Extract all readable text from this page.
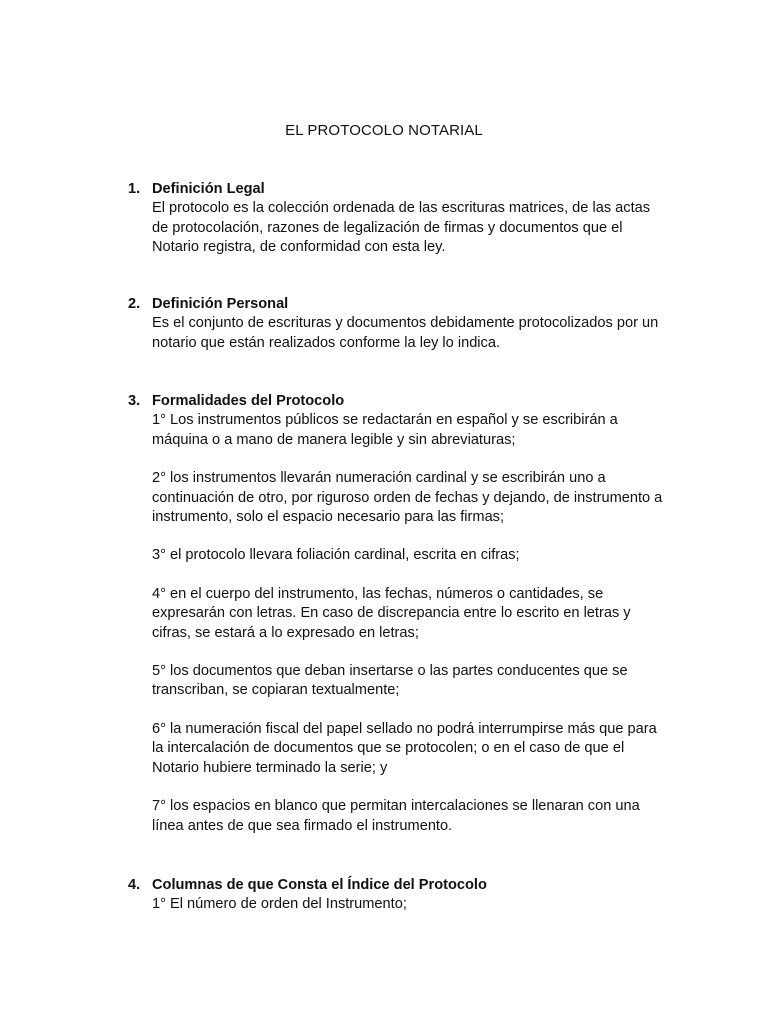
EL PROTOCOLO NOTARIAL
1. Definición Legal

El protocolo es la colección ordenada de las escrituras matrices, de las actas de protocolación, razones de legalización de firmas y documentos que el Notario registra, de conformidad con esta ley.

2. Definición Personal

Es el conjunto de escrituras y documentos debidamente protocolizados por un notario que están realizados conforme la ley lo indica.

3. Formalidades del Protocolo

1° Los instrumentos públicos se redactarán en español y se escribirán a máquina o a mano de manera legible y sin abreviaturas;

2° los instrumentos llevarán numeración cardinal y se escribirán uno a continuación de otro, por riguroso orden de fechas y dejando, de instrumento a instrumento, solo el espacio necesario para las firmas;

3° el protocolo llevara foliación cardinal, escrita en cifras;

4° en el cuerpo del instrumento, las fechas, números o cantidades, se expresarán con letras. En caso de discrepancia entre lo escrito en letras y cifras, se estará a lo expresado en letras;

5° los documentos que deban insertarse o las partes conducentes que se transcriban, se copiaran textualmente;

6° la numeración fiscal del papel sellado no podrá interrumpirse más que para la intercalación de documentos que se protocolen; o en el caso de que el Notario hubiere terminado la serie; y

7° los espacios en blanco que permitan intercalaciones se llenaran con una línea antes de que sea firmado el instrumento.

4. Columnas de que Consta el Índice del Protocolo

1° El número de orden del Instrumento;
